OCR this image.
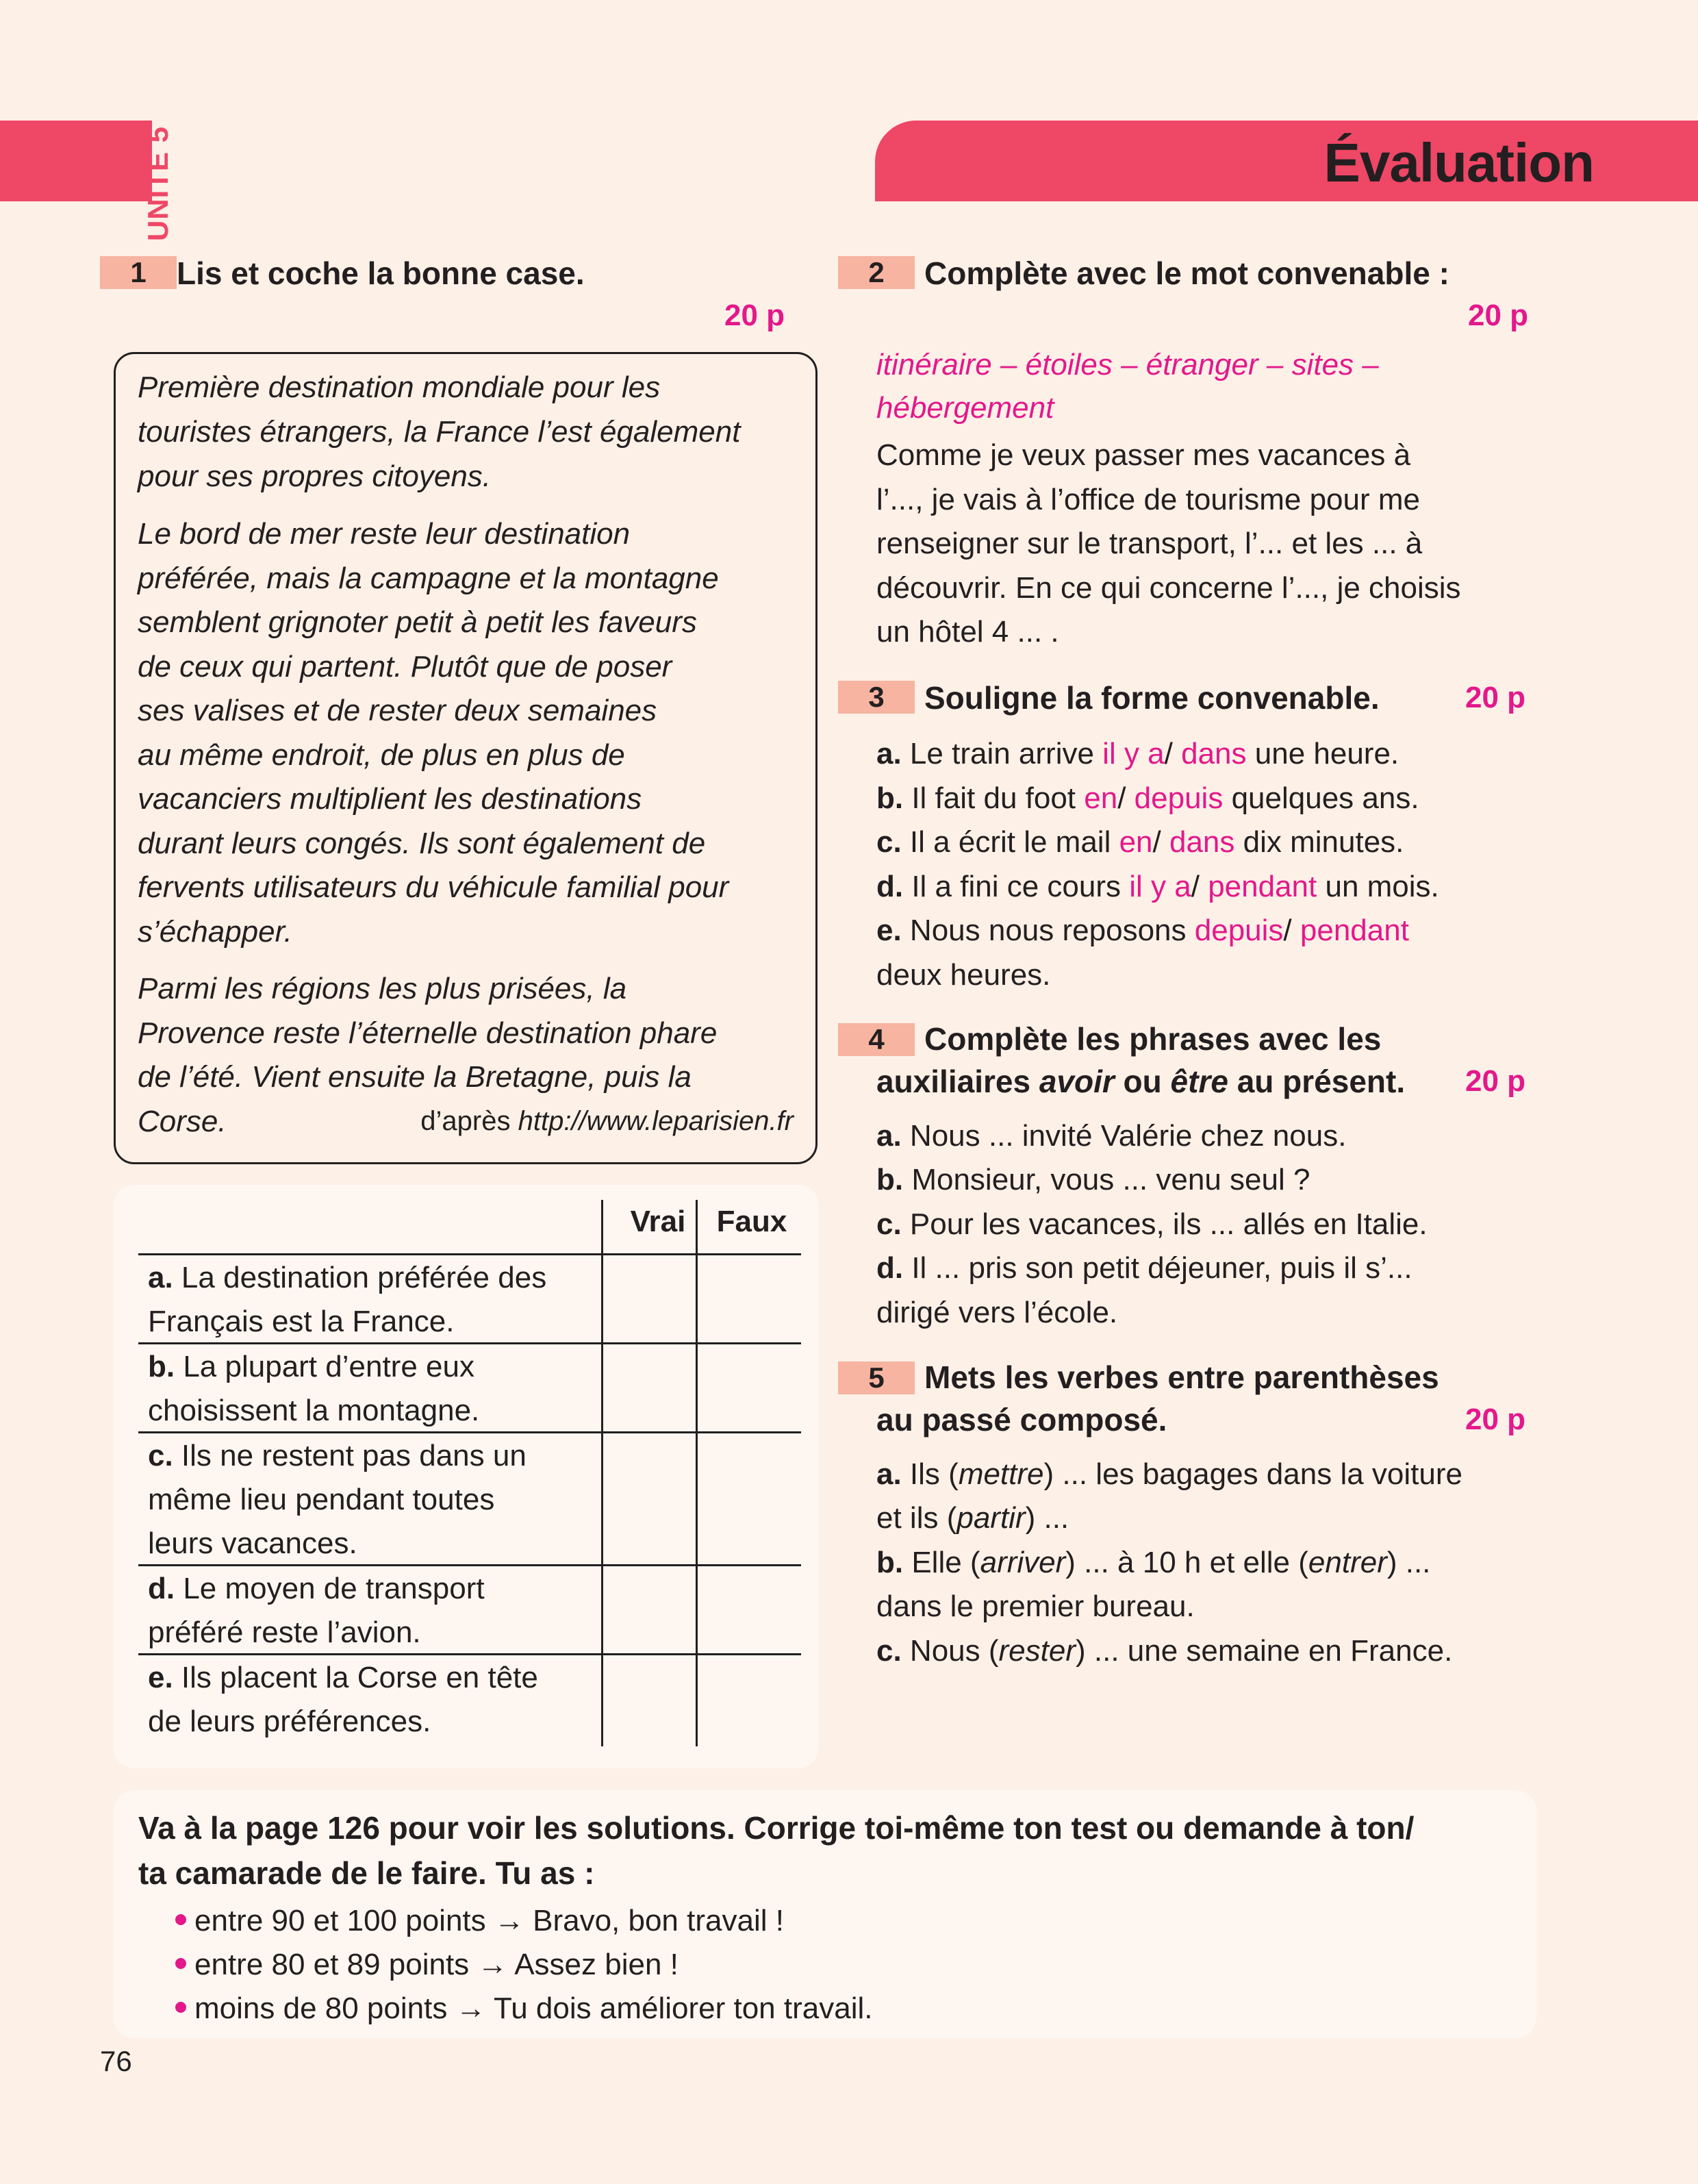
UNITÉ 5	Évaluation
1 Lis et coche la bonne case.
20 p
Première destination mondiale pour les
touristes étrangers, la France l’est également
pour ses propres citoyens.
Le bord de mer reste leur destination
préférée, mais la campagne et la montagne
semblent grignoter petit à petit les faveurs
de ceux qui partent. Plutôt que de poser
ses valises et de rester deux semaines
au même endroit, de plus en plus de
vacanciers multiplient les destinations
durant leurs congés. Ils sont également de
fervents utilisateurs du véhicule familial pour
s’échapper.
Parmi les régions les plus prisées, la
Provence reste l’éternelle destination phare
de l’été. Vient ensuite la Bretagne, puis la
Corse.	d’après http://www.leparisien.fr
Vrai	Faux
a. La destination préférée des
Français est la France.
b. La plupart d’entre eux
choisissent la montagne.
c. Ils ne restent pas dans un
même lieu pendant toutes
leurs vacances.
d. Le moyen de transport
préféré reste l’avion.
e. Ils placent la Corse en tête
de leurs préférences.
2	Complète avec le mot convenable :
20 p
itinéraire – étoiles – étranger – sites –
hébergement
Comme je veux passer mes vacances à
l’..., je vais à l’office de tourisme pour me
renseigner sur le transport, l’... et les ... à
découvrir. En ce qui concerne l’..., je choisis
un hôtel 4 ... .
3	Souligne la forme convenable.	20 p
a. Le train arrive il y a/ dans une heure.
b. Il fait du foot en/ depuis quelques ans.
c. Il a écrit le mail en/ dans dix minutes.
d. Il a fini ce cours il y a/ pendant un mois.
e. Nous nous reposons depuis/ pendant
deux heures.
4	Complète les phrases avec les
auxiliaires avoir ou être au présent. 20 p
a. Nous ... invité Valérie chez nous.
b. Monsieur, vous ... venu seul ?
c. Pour les vacances, ils ... allés en Italie.
d. Il ... pris son petit déjeuner, puis il s’...
dirigé vers l’école.
5	Mets les verbes entre parenthèses
au passé composé.	20 p
a. Ils (mettre) ... les bagages dans la voiture
et ils (partir) ...
b. Elle (arriver) ... à 10 h et elle (entrer) ...
dans le premier bureau.
c. Nous (rester) ... une semaine en France.
Va à la page 126 pour voir les solutions. Corrige toi-même ton test ou demande à ton/
ta camarade de le faire. Tu as :
entre 90 et 100 points → Bravo, bon travail !
entre 80 et 89 points → Assez bien !
moins de 80 points → Tu dois améliorer ton travail.
76
